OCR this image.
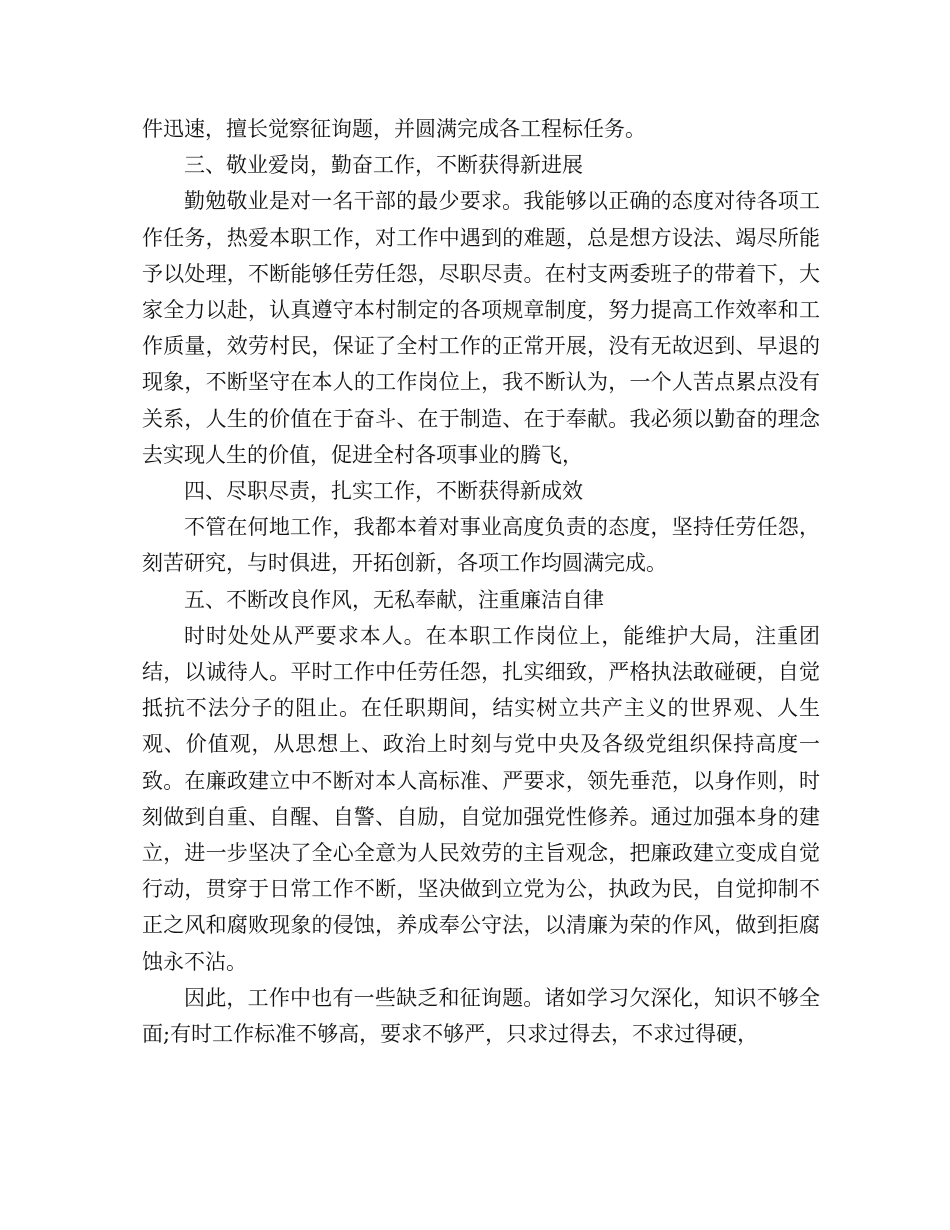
件迅速，擅长觉察征询题，并圆满完成各工程标任务。

三、敬业爱岗，勤奋工作，不断获得新进展

勤勉敬业是对一名干部的最少要求。我能够以正确的态度对待各项工作任务，热爱本职工作，对工作中遇到的难题，总是想方设法、竭尽所能予以处理，不断能够任劳任怨，尽职尽责。在村支两委班子的带着下，大家全力以赴，认真遵守本村制定的各项规章制度，努力提高工作效率和工作质量，效劳村民，保证了全村工作的正常开展，没有无故迟到、早退的现象，不断坚守在本人的工作岗位上，我不断认为，一个人苦点累点没有关系，人生的价值在于奋斗、在于制造、在于奉献。我必须以勤奋的理念去实现人生的价值，促进全村各项事业的腾飞，

四、尽职尽责，扎实工作，不断获得新成效

不管在何地工作，我都本着对事业高度负责的态度，坚持任劳任怨，刻苦研究，与时俱进，开拓创新，各项工作均圆满完成。

五、不断改良作风，无私奉献，注重廉洁自律

时时处处从严要求本人。在本职工作岗位上，能维护大局，注重团结，以诚待人。平时工作中任劳任怨，扎实细致，严格执法敢碰硬，自觉抵抗不法分子的阻止。在任职期间，结实树立共产主义的世界观、人生观、价值观，从思想上、政治上时刻与党中央及各级党组织保持高度一致。在廉政建立中不断对本人高标准、严要求，领先垂范，以身作则，时刻做到自重、自醒、自警、自励，自觉加强党性修养。通过加强本身的建立，进一步坚决了全心全意为人民效劳的主旨观念，把廉政建立变成自觉行动，贯穿于日常工作不断，坚决做到立党为公，执政为民，自觉抑制不正之风和腐败现象的侵蚀，养成奉公守法，以清廉为荣的作风，做到拒腐蚀永不沾。

因此，工作中也有一些缺乏和征询题。诸如学习欠深化，知识不够全面;有时工作标准不够高，要求不够严，只求过得去，不求过得硬，
